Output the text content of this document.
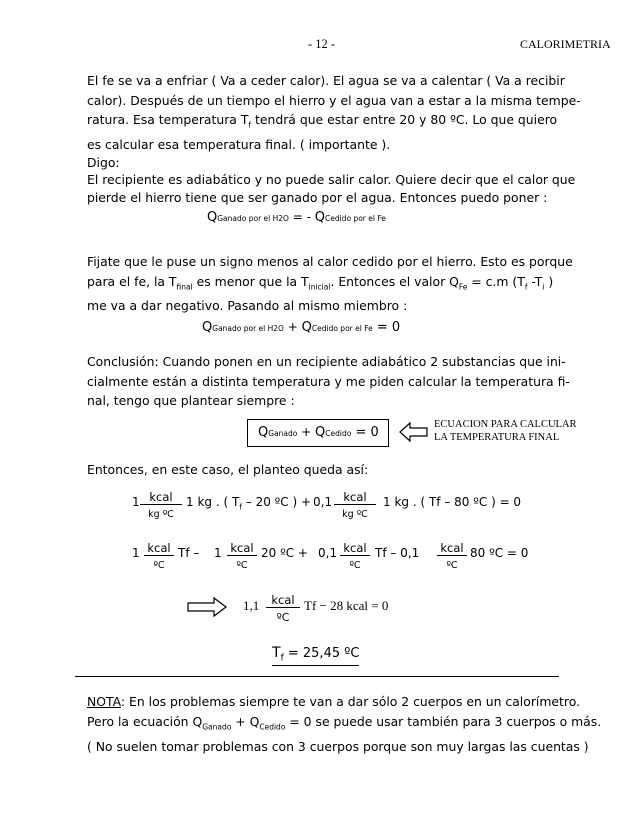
- 12 -	CALORIMETRIA
El fe se va a enfriar ( Va a ceder calor). El agua se va a calentar ( Va a recibir
calor). Después de un tiempo el hierro y el agua van a estar a la misma tempe-
ratura. Esa temperatura $T_f$ tendrá que estar entre 20 y 80 ºC. Lo que quiero
es calcular esa temperatura final. ( importante ).
Digo:
El recipiente es adiabático y no puede salir calor. Quiere decir que el calor que
pierde el hierro tiene que ser ganado por el agua. Entonces puedo poner :
QGanado por el H2O = - QCedido por el Fe
Fijate que le puse un signo menos al calor cedido por el hierro. Esto es porque
para el fe, la $T_{final}$ es menor que la $T_{inicial}$. Entonces el valor $Q_{Fe} = c.m$ ($T_f$ $-T_i$ )
me va a dar negativo. Pasando al mismo miembro :
QGanado por el H2O + QCedido por el Fe = 0
Conclusión: Cuando ponen en un recipiente adiabático 2 substancias que ini-
cialmente están a distinta temperatura y me piden calcular la temperatura fi-
nal, tengo que plantear siempre :
QGanado + QCedido = 0
ECUACION PARA CALCULAR
LA TEMPERATURA FINAL
Entonces, en este caso, el planteo queda así:
1 kcal
kg ºC
1 kg . ( $T_f - 20$ ºC ) + 0,1 kcal
kg ºC
1 kg . ( Tf – 80 ºC ) = 0
1 kcal
ºC
Tf – 1 kcal
ºC
20 ºC + 0,1 kcal
ºC
Tf – 0,1 kcal
ºC
80 ºC = 0
1,1	kcal
ºC
Tf − 28 kcal = 0
$T_f = 25,45$ ºC
NOTA: En los problemas siempre te van a dar sólo 2 cuerpos en un calorímetro.
Pero la ecuación $Q_{Ganado} + Q_{Cedido} = 0$ se puede usar también para 3 cuerpos o más.
( No suelen tomar problemas con 3 cuerpos porque son muy largas las cuentas )
